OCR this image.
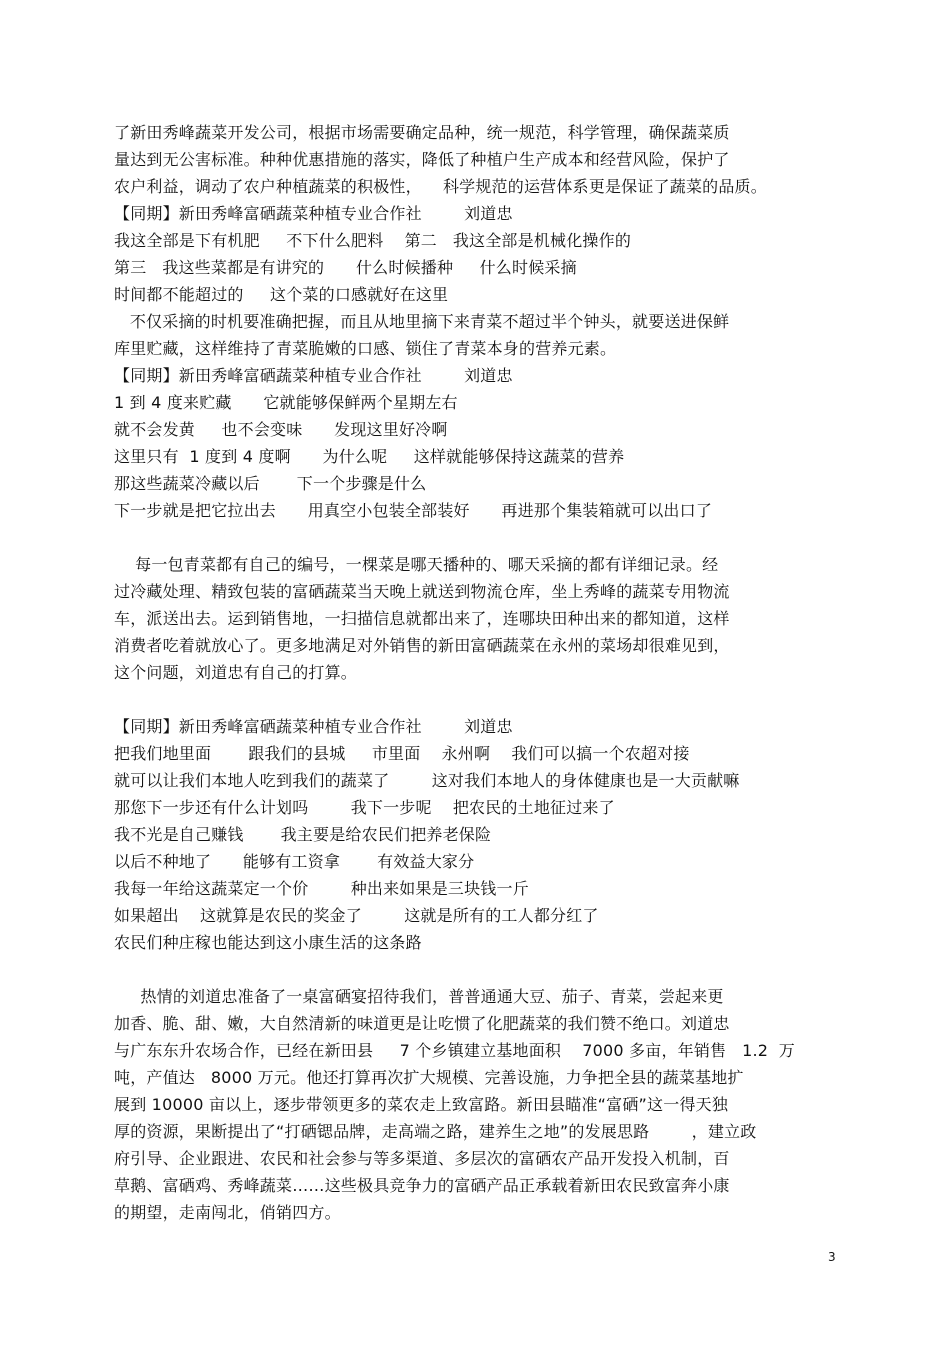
了新田秀峰蔬菜开发公司，根据市场需要确定品种，统一规范，科学管理，确保蔬菜质
量达到无公害标准。种种优惠措施的落实，降低了种植户生产成本和经营风险，保护了
农户利益，调动了农户种植蔬菜的积极性，    科学规范的运营体系更是保证了蔬菜的品质。
【同期】新田秀峰富硒蔬菜种植专业合作社        刘道忠
我这全部是下有机肥     不下什么肥料    第二   我这全部是机械化操作的
第三   我这些菜都是有讲究的      什么时候播种     什么时候采摘
时间都不能超过的     这个菜的口感就好在这里
不仅采摘的时机要准确把握，而且从地里摘下来青菜不超过半个钟头，就要送进保鲜
库里贮藏，这样维持了青菜脆嫩的口感、锁住了青菜本身的营养元素。
【同期】新田秀峰富硒蔬菜种植专业合作社        刘道忠
1 到 4 度来贮藏      它就能够保鲜两个星期左右
就不会发黄     也不会变味      发现这里好冷啊
这里只有  1 度到 4 度啊      为什么呢     这样就能够保持这蔬菜的营养
那这些蔬菜冷藏以后       下一个步骤是什么
下一步就是把它拉出去      用真空小包装全部装好      再进那个集装箱就可以出口了
每一包青菜都有自己的编号，一棵菜是哪天播种的、哪天采摘的都有详细记录。经
过冷藏处理、精致包装的富硒蔬菜当天晚上就送到物流仓库，坐上秀峰的蔬菜专用物流
车，派送出去。运到销售地，一扫描信息就都出来了，连哪块田种出来的都知道，这样
消费者吃着就放心了。更多地满足对外销售的新田富硒蔬菜在永州的菜场却很难见到，
这个问题，刘道忠有自己的打算。
【同期】新田秀峰富硒蔬菜种植专业合作社        刘道忠
把我们地里面       跟我们的县城     市里面    永州啊    我们可以搞一个农超对接
就可以让我们本地人吃到我们的蔬菜了        这对我们本地人的身体健康也是一大贡献嘛
那您下一步还有什么计划吗        我下一步呢    把农民的土地征过来了
我不光是自己赚钱       我主要是给农民们把养老保险
以后不种地了      能够有工资拿       有效益大家分
我每一年给这蔬菜定一个价        种出来如果是三块钱一斤
如果超出    这就算是农民的奖金了        这就是所有的工人都分红了
农民们种庄稼也能达到这小康生活的这条路
热情的刘道忠准备了一桌富硒宴招待我们，普普通通大豆、茄子、青菜，尝起来更
加香、脆、甜、嫩，大自然清新的味道更是让吃惯了化肥蔬菜的我们赞不绝口。刘道忠
与广东东升农场合作，已经在新田县     7 个乡镇建立基地面积    7000 多亩，年销售   1.2  万
吨，产值达   8000 万元。他还打算再次扩大规模、完善设施，力争把全县的蔬菜基地扩
展到 10000 亩以上，逐步带领更多的菜农走上致富路。新田县瞄准“富硒”这一得天独
厚的资源，果断提出了“打硒锶品牌，走高端之路，建养生之地”的发展思路        ，建立政
府引导、企业跟进、农民和社会参与等多渠道、多层次的富硒农产品开发投入机制，百
草鹅、富硒鸡、秀峰蔬菜……这些极具竞争力的富硒产品正承载着新田农民致富奔小康
的期望，走南闯北，俏销四方。
3
